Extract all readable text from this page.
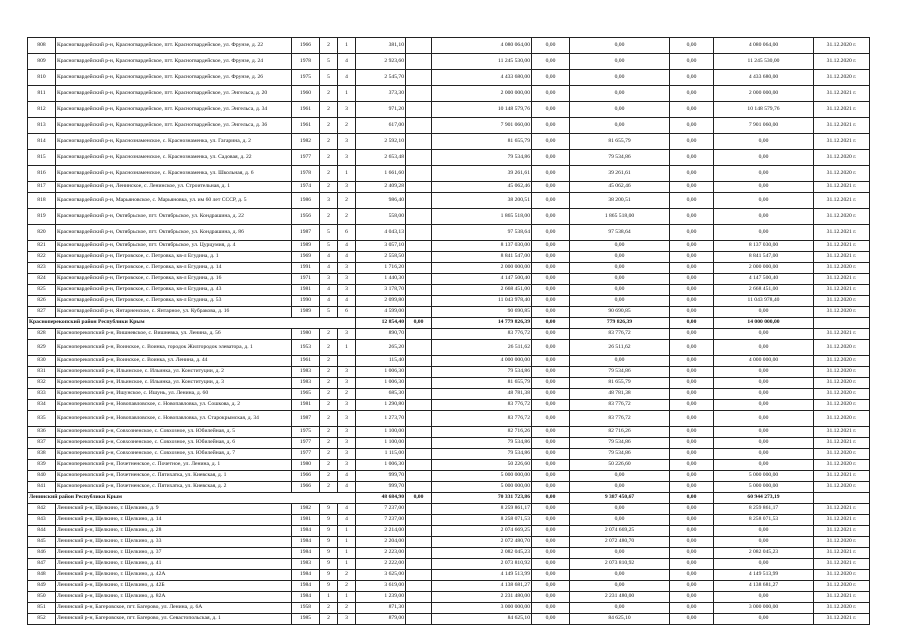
808	Красногвардейский р-н, Красногвардейское, пгт. Красногвардейское, ул. Фрунзе, д. 22	1966	2	1	381,10		4 080 064,00	0,00	0,00	0,00	4 080 064,00	31.12.2020 г.
809	Красногвардейский р-н, Красногвардейское, пгт. Красногвардейское, ул. Фрунзе, д. 24	1978	5	4	2 923,60		11 245 530,00	0,00	0,00	0,00	11 245 530,00	31.12.2020 г.
810	Красногвардейский р-н, Красногвардейское, пгт. Красногвардейское, ул. Фрунзе, д. 26	1975	5	4	2 545,70		4 433 680,00	0,00	0,00	0,00	4 433 680,00	31.12.2020 г.
811	Красногвардейский р-н, Красногвардейское, пгт. Красногвардейское, ул. Энгельса, д. 20	1960	2	1	373,30		2 000 000,00	0,00	0,00	0,00	2 000 000,00	31.12.2021 г.
812	Красногвардейский р-н, Красногвардейское, пгт. Красногвардейское, ул. Энгельса, д. 34	1961	2	3	971,20		10 148 579,76	0,00	0,00	0,00	10 148 579,76	31.12.2021 г.
813	Красногвардейский р-н, Красногвардейское, пгт. Красногвардейское, ул. Энгельса, д. 36	1961	2	2	617,00		7 901 060,00	0,00	0,00	0,00	7 901 060,00	31.12.2021 г.
814	Красногвардейский р-н, Краснознаменское, с. Краснознаменка, ул. Гагарина, д. 2	1982	2	3	2 592,10		81 655,79	0,00	81 655,79	0,00	0,00	31.12.2021 г.
815	Красногвардейский р-н, Краснознаменское, с. Краснознаменка, ул. Садовая, д. 22	1977	2	3	2 653,48		79 534,86	0,00	79 534,86	0,00	0,00	31.12.2020 г.
816	Красногвардейский р-н, Краснознаменское, с. Краснознаменка, ул. Школьная, д. 6	1978	2	1	1 661,60		39 261,61	0,00	39 261,61	0,00	0,00	31.12.2020 г.
817	Красногвардейский р-н, Ленинское, с. Ленинское, ул. Строительная, д. 1	1974	2	3	2 409,28		45 062,46	0,00	45 062,46	0,00	0,00	31.12.2021 г.
818	Красногвардейский р-н, Марьяновское, с. Марьяновка, ул. им 60 лет СССР, д. 5	1986	3	2	986,40		38 200,51	0,00	38 200,51	0,00	0,00	31.12.2021 г.
819	Красногвардейский р-н, Октябрьское, пгт. Октябрьское, ул. Кондрашина, д. 22	1956	2	2	558,00		1 865 518,00	0,00	1 865 518,00	0,00	0,00	31.12.2020 г.
820	Красногвардейский р-н, Октябрьское, пгт. Октябрьское, ул. Кондрашина, д. 86	1987	5	6	4 043,13		97 538,64	0,00	97 538,64	0,00	0,00	31.12.2021 г.
821	Красногвардейский р-н, Октябрьское, пгт. Октябрьское, ул. Цурцумия, д. 4	1989	5	4	3 057,10		8 137 030,00	0,00	0,00	0,00	8 137 030,00	31.12.2021 г.
822	Красногвардейский р-н, Петровское, с. Петровка, кв-л Егудина, д. 1	1969	4	4	2 558,50		8 841 547,00	0,00	0,00	0,00	8 841 547,00	31.12.2021 г.
823	Красногвардейский р-н, Петровское, с. Петровка, кв-л Егудина, д. 14	1991	4	3	1 716,20		2 000 000,00	0,00	0,00	0,00	2 000 000,00	31.12.2020 г.
824	Красногвардейский р-н, Петровское, с. Петровка, кв-л Егудина, д. 16	1971	3	3	1 440,30		4 147 500,40	0,00	0,00	0,00	4 147 500,40	31.12.2021 г.
825	Красногвардейский р-н, Петровское, с. Петровка, кв-л Егудина, д. 43	1981	4	3	3 178,70		2 668 451,00	0,00	0,00	0,00	2 668 451,00	31.12.2021 г.
826	Красногвардейский р-н, Петровское, с. Петровка, кв-л Егудина, д. 53	1990	4	4	2 099,80		11 043 978,40	0,00	0,00	0,00	11 043 978,40	31.12.2020 г.
827	Красногвардейский р-н, Янтарненское, с. Янтарное, ул. Кубракова, д. 16	1989	5	6	4 599,00		90 690,85	0,00	90 690,85	0,00	0,00	31.12.2020 г.
Красноперекопский район Республики Крым					12 854,40	0,00	14 779 826,39	0,00	779 826,39	0,00	14 000 000,00	
828	Красноперекопский р-н, Вишневское, с. Вишневка, ул. Ленина, д. 56	1980	2	3	890,70		83 776,72	0,00	83 776,72	0,00	0,00	31.12.2021 г.
829	Красноперекопский р-н, Воинское, с. Воинка, городок Жилгородок элеватора, д. 1	1953	2	1	265,20		26 511,62	0,00	26 511,62	0,00	0,00	31.12.2020 г.
830	Красноперекопский р-н, Воинское, с. Воинка, ул. Ленина, д. 44	1961	2		115,40		4 000 000,00	0,00	0,00	0,00	4 000 000,00	31.12.2020 г.
831	Красноперекопский р-н, Ильинское, с. Ильинка, ул. Конституции, д. 2	1983	2	3	1 006,30		79 534,86	0,00	79 534,86	0,00	0,00	31.12.2020 г.
832	Красноперекопский р-н, Ильинское, с. Ильинка, ул. Конституции, д. 3	1983	2	3	1 006,30		81 655,79	0,00	81 655,79	0,00	0,00	31.12.2020 г.
833	Красноперекопский р-н, Ишунское, с. Ишунь, ул. Ленина, д. 60	1965	2	2	685,30		48 781,38	0,00	48 781,38	0,00	0,00	31.12.2020 г.
834	Красноперекопский р-н, Новопавловское, с. Новопавловка, ул. Сошкова, д. 2	1981	2	3	1 290,80		83 776,72	0,00	83 776,72	0,00	0,00	31.12.2020 г.
835	Красноперекопский р-н, Новопавловское, с. Новопавловка, ул. Старокрымская, д. 34	1987	2	3	1 273,70		83 776,72	0,00	83 776,72	0,00	0,00	31.12.2020 г.
836	Красноперекопский р-н, Совхозненское, с. Совхозное, ул. Юбилейная, д. 5	1975	2	3	1 100,00		82 716,26	0,00	82 716,26	0,00	0,00	31.12.2021 г.
837	Красноперекопский р-н, Совхозненское, с. Совхозное, ул. Юбилейная, д. 6	1977	2	3	1 100,00		79 534,86	0,00	79 534,86	0,00	0,00	31.12.2021 г.
838	Красноперекопский р-н, Совхозненское, с. Совхозное, ул. Юбилейная, д. 7	1977	2	3	1 115,00		79 534,86	0,00	79 534,86	0,00	0,00	31.12.2020 г.
839	Красноперекопский р-н, Почетненское, с. Почетное, ул. Ленина, д. 1	1980	2	3	1 006,30		50 226,60	0,00	50 226,60	0,00	0,00	31.12.2020 г.
840	Красноперекопский р-н, Почетненское, с. Пятихатка, ул. Киевская, д. 1	1966	2	4	999,70		5 000 000,00	0,00	0,00	0,00	5 000 000,00	31.12.2021 г.
841	Красноперекопский р-н, Почетненское, с. Пятихатка, ул. Киевская, д. 2	1966	2	4	999,70		5 000 000,00	0,00	0,00	0,00	5 000 000,00	31.12.2020 г.
Ленинский район Республики Крым					48 684,90	0,00	70 331 723,86	0,00	9 387 450,67	0,00	60 944 273,19	
842	Ленинский р-н, Щелкино, г. Щелкино, д. 9	1982	9	4	7 237,00		8 259 861,17	0,00	0,00	0,00	8 259 861,17	31.12.2021 г.
843	Ленинский р-н, Щелкино, г. Щелкино, д. 14	1981	9	4	7 237,00		8 258 071,53	0,00	0,00	0,00	8 258 071,53	31.12.2021 г.
844	Ленинский р-н, Щелкино, г. Щелкино, д. 28	1984	9	1	2 214,00		2 074 669,25	0,00	2 074 669,25	0,00	0,00	31.12.2021 г.
845	Ленинский р-н, Щелкино, г. Щелкино, д. 33	1984	9	1	2 204,00		2 072 480,70	0,00	2 072 480,70	0,00	0,00	31.12.2020 г.
846	Ленинский р-н, Щелкино, г. Щелкино, д. 37	1984	9	1	2 223,00		2 082 045,23	0,00	0,00	0,00	2 082 045,23	31.12.2021 г.
847	Ленинский р-н, Щелкино, г. Щелкино, д. 41	1983	9	1	2 222,00		2 073 810,92	0,00	2 073 810,92	0,00	0,00	31.12.2021 г.
848	Ленинский р-н, Щелкино, г. Щелкино, д. 42А	1984	9	2	3 625,00		4 149 513,99	0,00	0,00	0,00	4 149 513,99	31.12.2020 г.
849	Ленинский р-н, Щелкино, г. Щелкино, д. 42Б	1984	9	2	3 619,00		4 138 681,27	0,00	0,00	0,00	4 138 681,27	31.12.2020 г.
850	Ленинский р-н, Щелкино, г. Щелкино, д. 82А	1984	1	1	1 239,00		2 231 480,00	0,00	2 231 480,00	0,00	0,00	31.12.2021 г.
851	Ленинский р-н, Багеровское, пгт. Багерово, ул. Ленина, д. 6А	1958	2	2	871,30		3 000 000,00	0,00	0,00	0,00	3 000 000,00	31.12.2020 г.
852	Ленинский р-н, Багеровское, пгт. Багерово, ул. Севастопольская, д. 1	1985	2	3	879,00		84 625,10	0,00	84 625,10	0,00	0,00	31.12.2021 г.
